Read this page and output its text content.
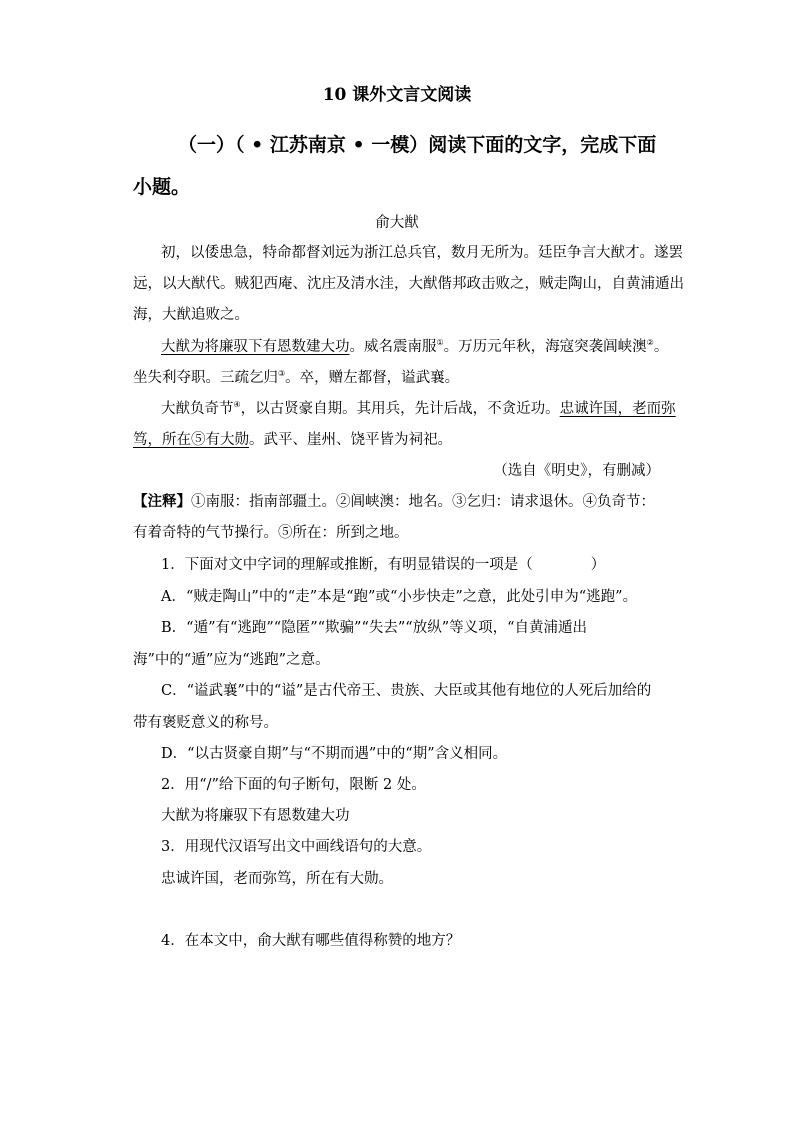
10 课外文言文阅读
（一）（ • 江苏南京 • 一模）阅读下面的文字，完成下面
小题。
俞大猷
初，以倭患急，特命都督刘远为浙江总兵官，数月无所为。廷臣争言大猷才。遂罢
远，以大猷代。贼犯西庵、沈庄及清水洼，大猷偕邦政击败之，贼走陶山，自黄浦遁出
海，大猷追败之。
大猷为将廉驭下有恩数建大功。威名震南服①。万历元年秋，海寇突袭阊峡澳②。
坐失利夺职。三疏乞归③。卒，赠左都督，谥武襄。
大猷负奇节④，以古贤豪自期。其用兵，先计后战，不贪近功。忠诚许国，老而弥
笃，所在⑤有大勋。武平、崖州、饶平皆为祠祀。
（选自《明史》，有删减）
【注释】①南服：指南部疆土。②阊峡澳：地名。③乞归：请求退休。④负奇节：
有着奇特的气节操行。⑤所在：所到之地。
1．下面对文中字词的理解或推断，有明显错误的一项是（　　　　）
A．“贼走陶山”中的“走”本是“跑”或“小步快走”之意，此处引申为“逃跑”。
B．“遁”有“逃跑”“隐匿”“欺骗”“失去”“放纵”等义项，“自黄浦遁出
海”中的“遁”应为“逃跑”之意。
C．“谥武襄”中的“谥”是古代帝王、贵族、大臣或其他有地位的人死后加给的
带有褒贬意义的称号。
D．“以古贤豪自期”与“不期而遇”中的“期”含义相同。
2．用“/”给下面的句子断句，限断 2 处。
大猷为将廉驭下有恩数建大功
3．用现代汉语写出文中画线语句的大意。
忠诚许国，老而弥笃，所在有大勋。
4．在本文中，俞大猷有哪些值得称赞的地方？
